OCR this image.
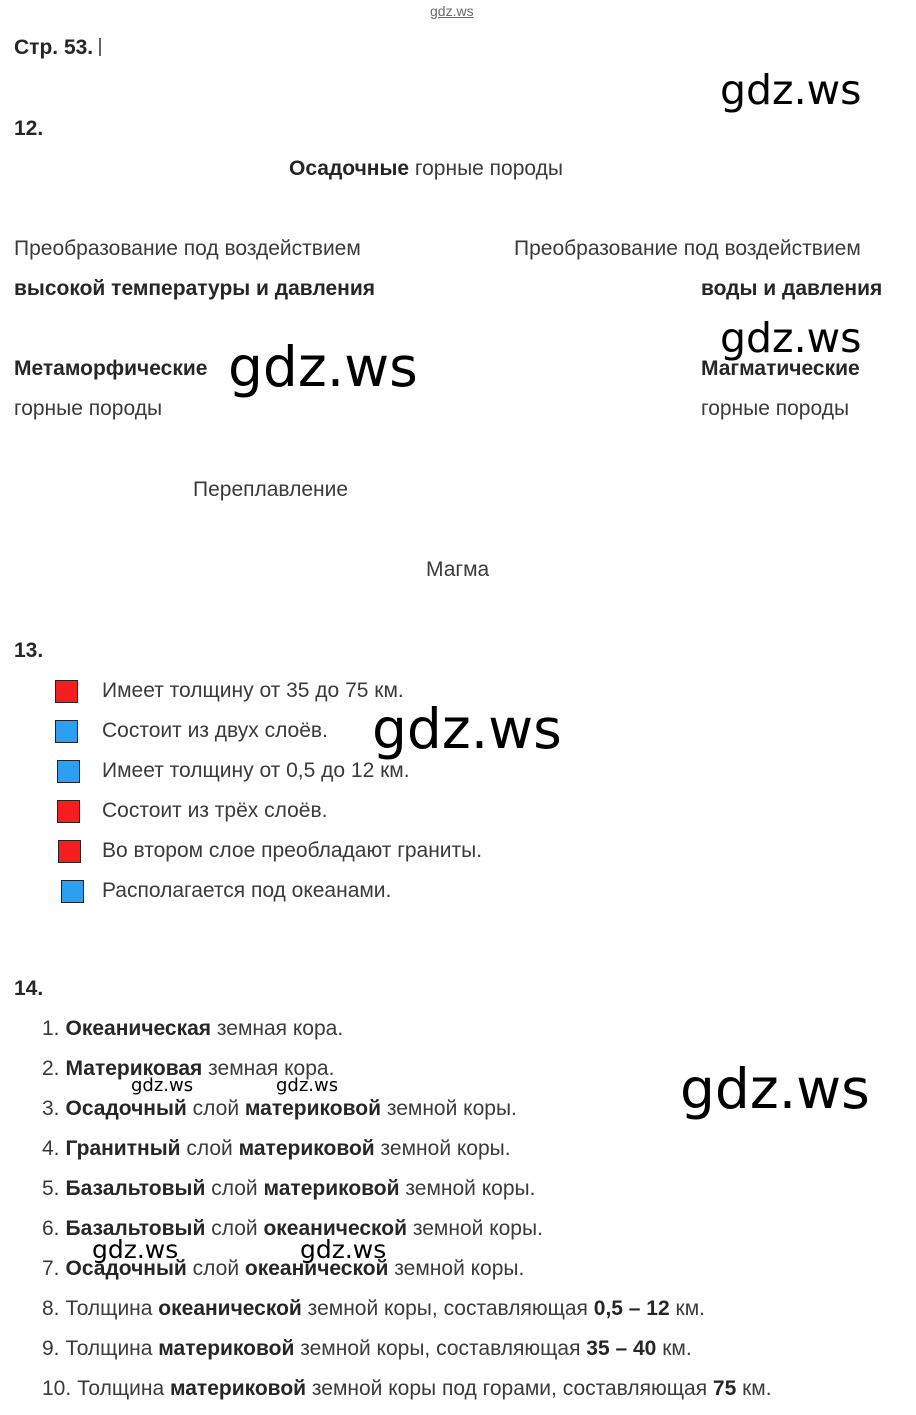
gdz.ws
Стр. 53.
12.
Осадочные горные породы
Преобразование под воздействием
высокой температуры и давления
Преобразование под воздействием
воды и давления
Метаморфические
горные породы
Магматические
горные породы
Переплавление
Магма
13.
Имеет толщину от 35 до 75 км.
Состоит из двух слоёв.
Имеет толщину от 0,5 до 12 км.
Состоит из трёх слоёв.
Во втором слое преобладают граниты.
Располагается под океанами.
14.
1. Океаническая земная кора.
2. Материковая земная кора.
3. Осадочный слой материковой земной коры.
4. Гранитный слой материковой земной коры.
5. Базальтовый слой материковой земной коры.
6. Базальтовый слой океанической земной коры.
7. Осадочный слой океанической земной коры.
8. Толщина океанической земной коры, составляющая 0,5 – 12 км.
9. Толщина материковой земной коры, составляющая 35 – 40 км.
10. Толщина материковой земной коры под горами, составляющая 75 км.
gdz.ws
gdz.ws
gdz.ws
gdz.ws
gdz.ws
gdz.ws	gdz.ws
gdz.ws	gdz.ws
